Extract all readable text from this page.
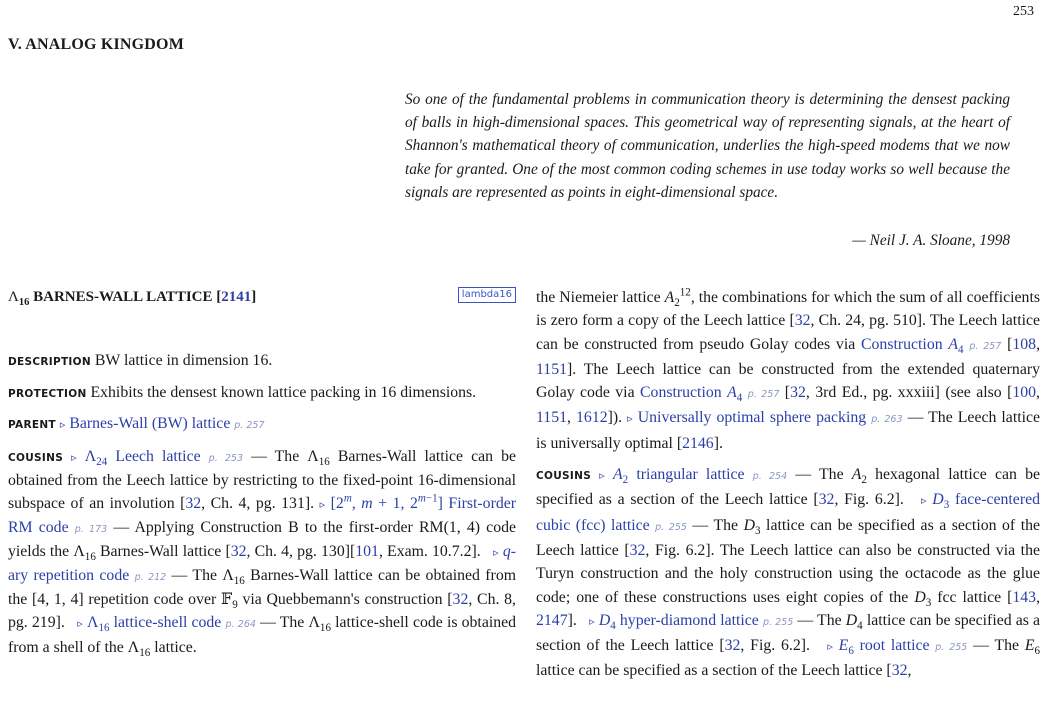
253
V. ANALOG KINGDOM
So one of the fundamental problems in communication theory is determining the densest packing of balls in high-dimensional spaces. This geometrical way of representing signals, at the heart of Shannon's mathematical theory of communication, underlies the high-speed modems that we now take for granted. One of the most common coding schemes in use today works so well because the signals are represented as points in eight-dimensional space.
— Neil J. A. Sloane, 1998
$\Lambda_{16}$ BARNES-WALL LATTICE [2141]	lambda16

DESCRIPTION BW lattice in dimension 16.

PROTECTION Exhibits the densest known lattice packing in 16 dimensions.

PARENT ▹ Barnes-Wall (BW) lattice p. 257

COUSINS ▹ $\Lambda_{24}$ Leech lattice p. 253 — The $\Lambda_{16}$ Barnes-Wall lattice can be obtained from the Leech lattice by restricting to the fixed-point 16-dimensional subspace of an involution [32, Ch. 4, pg. 131]. ▹ [2$^m$, m + 1, $2^{m-1}$] First-order RM code p. 173 — Applying Construction B to the first-order RM(1, 4) code yields the $\Lambda_{16}$ Barnes-Wall lattice [32, Ch. 4, pg. 130][101, Exam. 10.7.2].   ▹ q-ary repetition code p. 212 — The $\Lambda_{16}$ Barnes-Wall lattice can be obtained from the [4, 1, 4] repetition code over 𝔽$_9$ via Quebbemann's construction [32, Ch. 8, pg. 219].   ▹ $\Lambda_{16}$ lattice-shell code p. 264 — The $\Lambda_{16}$ lattice-shell code is obtained from a shell of the $\Lambda_{16}$ lattice.

the Niemeier lattice $A_2^{12}$, the combinations for which the sum of all coefficients is zero form a copy of the Leech lattice [32, Ch. 24, pg. 510]. The Leech lattice can be constructed from pseudo Golay codes via Construction $A_4$ p. 257 [108, 1151]. The Leech lattice can be constructed from the extended quaternary Golay code via Construction $A_4$ p. 257 [32, 3rd Ed., pg. xxxiii] (see also [100, 1151, 1612]). ▹ Universally optimal sphere packing p. 263 — The Leech lattice is universally optimal [2146].

COUSINS ▹ $A_2$ triangular lattice p. 254 — The $A_2$ hexagonal lattice can be specified as a section of the Leech lattice [32, Fig. 6.2].   ▹ $D_3$ face-centered cubic (fcc) lattice p. 255 — The $D_3$ lattice can be specified as a section of the Leech lattice [32, Fig. 6.2]. The Leech lattice can also be constructed via the Turyn construction and the holy construction using the octacode as the glue code; one of these constructions uses eight copies of the $D_3$ fcc lattice [143, 2147].   ▹ $D_4$ hyper-diamond lattice p. 255 — The $D_4$ lattice can be specified as a section of the Leech lattice [32, Fig. 6.2].   ▹ $E_6$ root lattice p. 255 — The $E_6$ lattice can be specified as a section of the Leech lattice [32,
